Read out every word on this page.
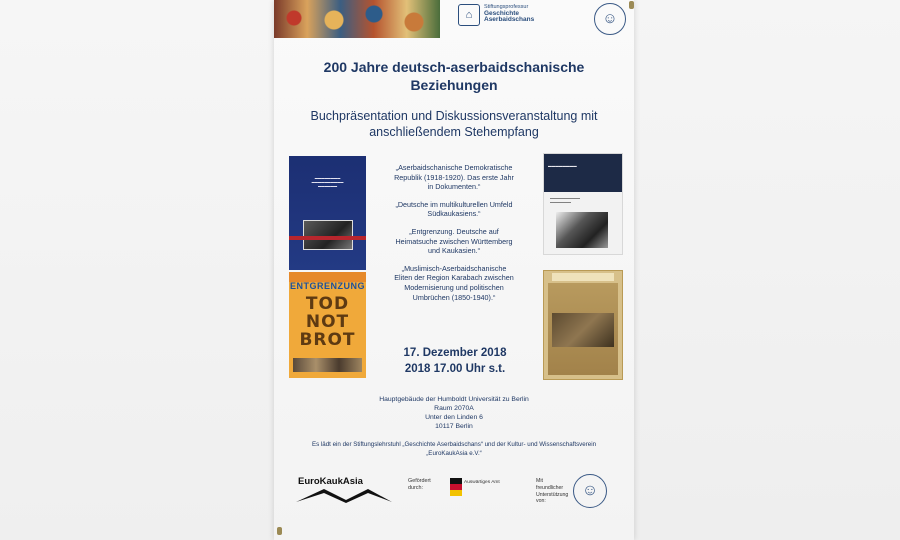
⌂
Stiftungsprofessur
Geschichte
Aserbaidschans	☺
200 Jahre deutsch-aserbaidschanische
Beziehungen

Buchpräsentation und Diskussionsveranstaltung mit
anschließendem Stehempfang

▬▬▬▬▬▬▬▬
▬▬▬▬▬▬▬▬▬▬
▬▬▬▬▬▬
ENTGRENZUNG
TOD
NOT
BROT
„Aserbaidschanische Demokratische Republik (1918-1920). Das erste Jahr in Dokumenten.“
„Deutsche im multikulturellen Umfeld Südkaukasiens.“
„Entgrenzung. Deutsche auf Heimatsuche zwischen Württemberg und Kaukasien.“
„Muslimisch-Aserbaidschanische Eliten der Region Karabach zwischen Modernisierung und politischen Umbrüchen (1850-1940).“
▬▬▬▬▬▬▬▬
▬▬▬▬▬▬▬▬▬▬
▬▬▬▬▬▬▬

17. Dezember 2018

2018 17.00 Uhr s.t.

Hauptgebäude der Humboldt Universität zu Berlin
Raum 2070A
Unter den Linden 6
10117 Berlin
Es lädt ein der Stiftungslehrstuhl „Geschichte Aserbaidschans“ und der Kultur- und Wissenschaftsverein
„EuroKaukAsia e.V.“
EuroKaukAsia	Gefördert
durch:
Auswärtiges Amt	Mit
freundlicher
Unterstützung
von:
☺
